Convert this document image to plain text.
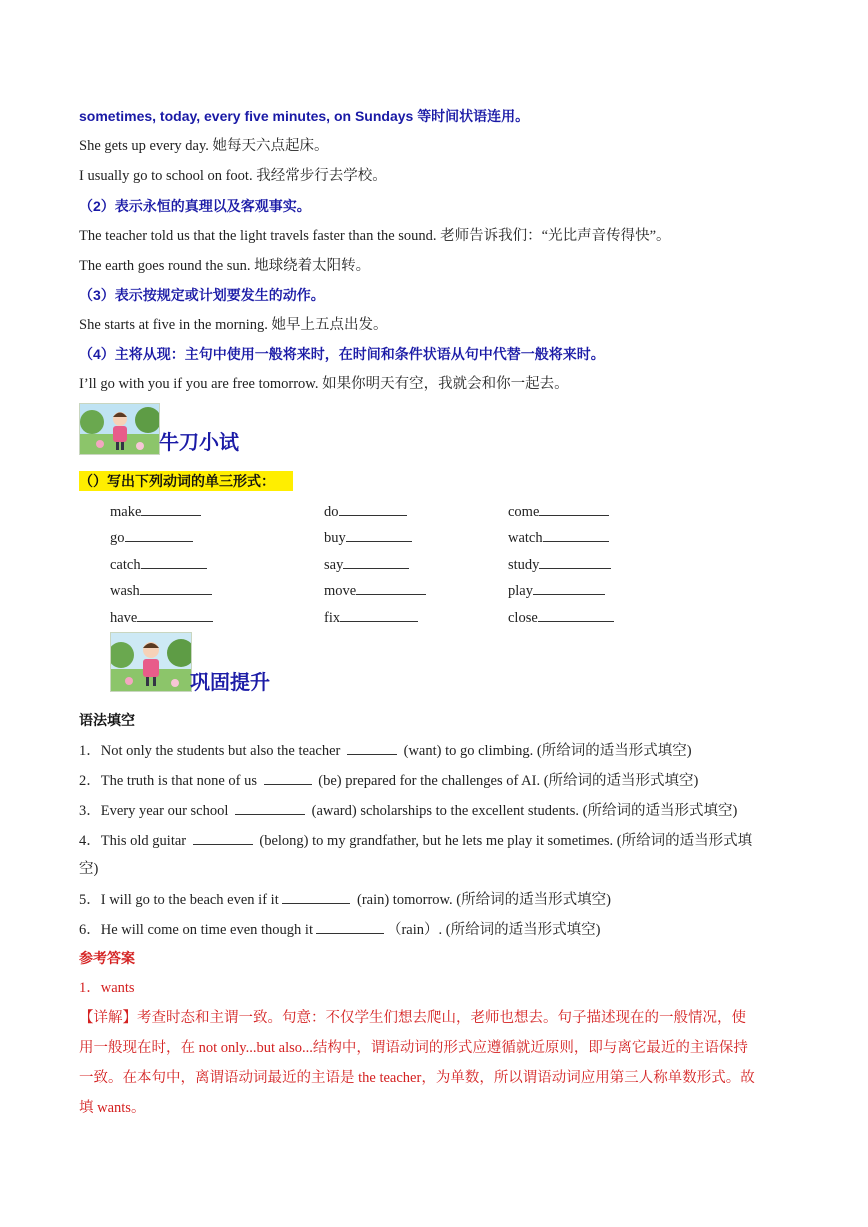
sometimes, today, every five minutes, on Sundays 等时间状语连用。
She gets up every day. 她每天六点起床。
I usually go to school on foot. 我经常步行去学校。
（2）表示永恒的真理以及客观事实。
The teacher told us that the light travels faster than the sound. 老师告诉我们：“光比声音传得快”。
The earth goes round the sun. 地球绕着太阳转。
（3）表示按规定或计划要发生的动作。
She starts at five in the morning. 她早上五点出发。
（4）主将从现：主句中使用一般将来时，在时间和条件状语从句中代替一般将来时。
I’ll go with you if you are free tomorrow. 如果你明天有空，我就会和你一起去。
牛刀小试
（）写出下列动词的单三形式：
make	do	come
go	buy	watch
catch	say	study
wash	move	play
have	fix	close
巩固提升
语法填空
1．Not only the students but also the teacher	(want) to go climbing. (所给词的适当形式填空)
2．The truth is that none of us	(be) prepared for the challenges of AI. (所给词的适当形式填空)
3．Every year our school	(award) scholarships to the excellent students. (所给词的适当形式填空)
4．This old guitar	(belong) to my grandfather, but he lets me play it sometimes. (所给词的适当形式填
空)
5．I will go to the beach even if it	(rain) tomorrow. (所给词的适当形式填空)
6．He will come on time even though it	（rain）. (所给词的适当形式填空)
参考答案
1．wants
【详解】考查时态和主谓一致。句意：不仅学生们想去爬山，老师也想去。句子描述现在的一般情况，使
用一般现在时，在 not only...but also...结构中，谓语动词的形式应遵循就近原则，即与离它最近的主语保持
一致。在本句中，离谓语动词最近的主语是 the teacher，为单数，所以谓语动词应用第三人称单数形式。故
填 wants。
